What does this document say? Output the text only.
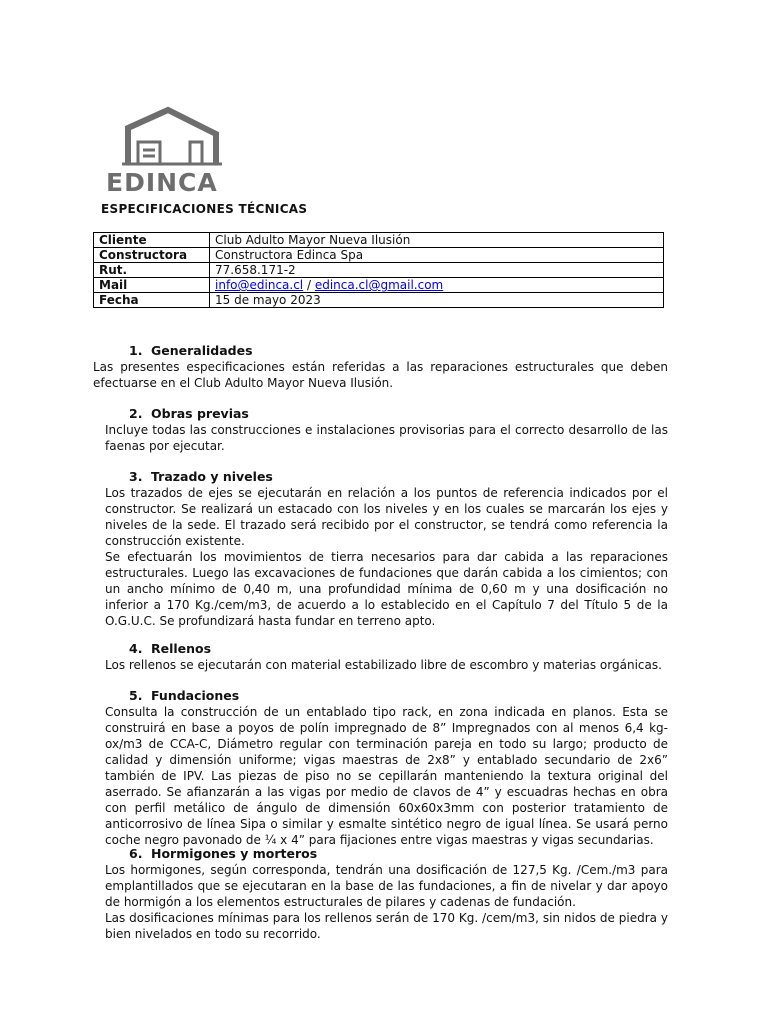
EDINCA
ESPECIFICACIONES TÉCNICAS
Cliente	Club Adulto Mayor Nueva Ilusión
Constructora	Constructora Edinca Spa
Rut.	77.658.171-2
Mail	info@edinca.cl / edinca.cl@gmail.com
Fecha	15 de mayo 2023
1. Generalidades

Las presentes especificaciones están referidas a las reparaciones estructurales que deben efectuarse en el Club Adulto Mayor Nueva Ilusión.

2. Obras previas

Incluye todas las construcciones e instalaciones provisorias para el correcto desarrollo de las faenas por ejecutar.

3. Trazado y niveles

Los trazados de ejes se ejecutarán en relación a los puntos de referencia indicados por el constructor. Se realizará un estacado con los niveles y en los cuales se marcarán los ejes y niveles de la sede. El trazado será recibido por el constructor, se tendrá como referencia la construcción existente.

Se efectuarán los movimientos de tierra necesarios para dar cabida a las reparaciones estructurales. Luego las excavaciones de fundaciones que darán cabida a los cimientos; con un ancho mínimo de 0,40 m, una profundidad mínima de 0,60 m y una dosificación no inferior a 170 Kg./cem/m3, de acuerdo a lo establecido en el Capítulo 7 del Título 5 de la O.G.U.C. Se profundizará hasta fundar en terreno apto.

4. Rellenos

Los rellenos se ejecutarán con material estabilizado libre de escombro y materias orgánicas.

5. Fundaciones

Consulta la construcción de un entablado tipo rack, en zona indicada en planos. Esta se construirá en base a poyos de polín impregnado de 8” Impregnados con al menos 6,4 kg-ox/m3 de CCA-C, Diámetro regular con terminación pareja en todo su largo; producto de calidad y dimensión uniforme; vigas maestras de 2x8” y entablado secundario de 2x6” también de IPV. Las piezas de piso no se cepillarán manteniendo la textura original del aserrado. Se afianzarán a las vigas por medio de clavos de 4” y escuadras hechas en obra con perfil metálico de ángulo de dimensión 60x60x3mm con posterior tratamiento de anticorrosivo de línea Sipa o similar y esmalte sintético negro de igual línea. Se usará perno coche negro pavonado de ¼ x 4” para fijaciones entre vigas maestras y vigas secundarias.

6. Hormigones y morteros

Los hormigones, según corresponda, tendrán una dosificación de 127,5 Kg. /Cem./m3 para emplantillados que se ejecutaran en la base de las fundaciones, a fin de nivelar y dar apoyo de hormigón a los elementos estructurales de pilares y cadenas de fundación.

Las dosificaciones mínimas para los rellenos serán de 170 Kg. /cem/m3, sin nidos de piedra y bien nivelados en todo su recorrido.
